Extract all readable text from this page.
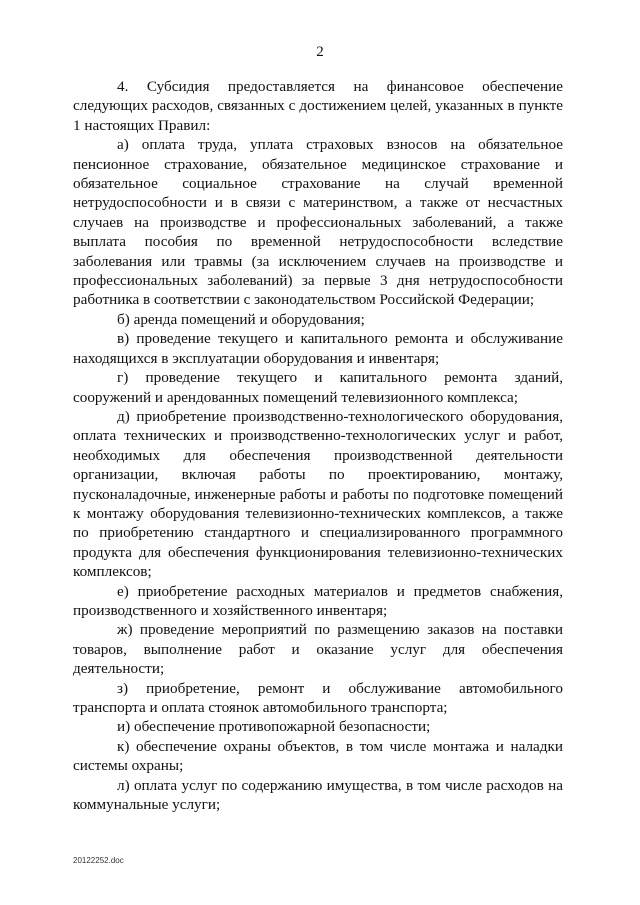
2

4. Субсидия предоставляется на финансовое обеспечение следующих расходов, связанных с достижением целей, указанных в пункте 1 настоящих Правил:

а) оплата труда, уплата страховых взносов на обязательное пенсионное страхование, обязательное медицинское страхование и обязательное социальное страхование на случай временной нетрудоспособности и в связи с материнством, а также от несчастных случаев на производстве и профессиональных заболеваний, а также выплата пособия по временной нетрудоспособности вследствие заболевания или травмы (за исключением случаев на производстве и профессиональных заболеваний) за первые 3 дня нетрудоспособности работника в соответствии с законодательством Российской Федерации;

б) аренда помещений и оборудования;

в) проведение текущего и капитального ремонта и обслуживание находящихся в эксплуатации оборудования и инвентаря;

г) проведение текущего и капитального ремонта зданий, сооружений и арендованных помещений телевизионного комплекса;

д) приобретение производственно-технологического оборудования, оплата технических и производственно-технологических услуг и работ, необходимых для обеспечения производственной деятельности организации, включая работы по проектированию, монтажу, пусконаладочные, инженерные работы и работы по подготовке помещений к монтажу оборудования телевизионно-технических комплексов, а также по приобретению стандартного и специализированного программного продукта для обеспечения функционирования телевизионно-технических комплексов;

е) приобретение расходных материалов и предметов снабжения, производственного и хозяйственного инвентаря;

ж) проведение мероприятий по размещению заказов на поставки товаров, выполнение работ и оказание услуг для обеспечения деятельности;

з) приобретение, ремонт и обслуживание автомобильного транспорта и оплата стоянок автомобильного транспорта;

и) обеспечение противопожарной безопасности;

к) обеспечение охраны объектов, в том числе монтажа и наладки системы охраны;

л) оплата услуг по содержанию имущества, в том числе расходов на коммунальные услуги;

20122252.doc
